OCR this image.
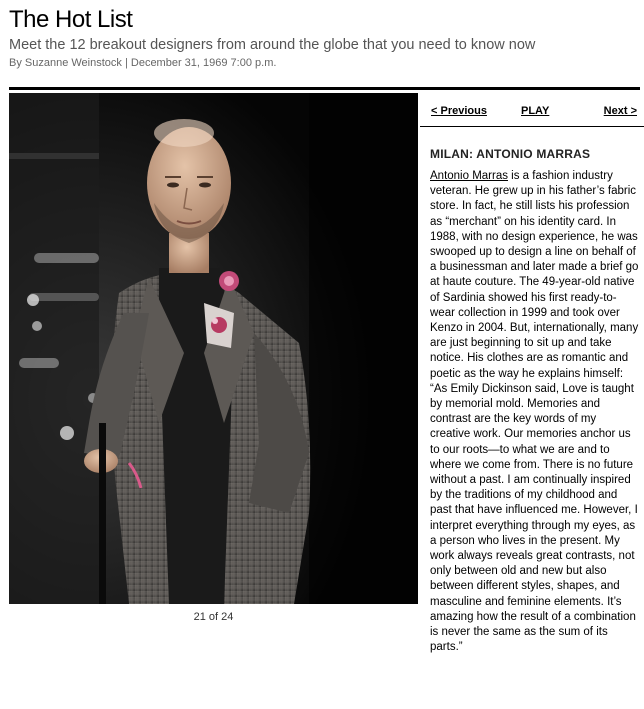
The Hot List
Meet the 12 breakout designers from around the globe that you need to know now
By Suzanne Weinstock | December 31, 1969 7:00 p.m.
21 of 24
< Previous	PLAY	Next >
MILAN: ANTONIO MARRAS
Antonio Marras is a fashion industry veteran. He grew up in his father’s fabric store. In fact, he still lists his profession as “merchant” on his identity card. In 1988, with no design experience, he was swooped up to design a line on behalf of a businessman and later made a brief go at haute couture. The 49-year-old native of Sardinia showed his first ready-to-wear collection in 1999 and took over Kenzo in 2004. But, internationally, many are just beginning to sit up and take notice. His clothes are as romantic and poetic as the way he explains himself: “As Emily Dickinson said, Love is taught by memorial mold. Memories and contrast are the key words of my creative work. Our memories anchor us to our roots—to what we are and to where we come from. There is no future without a past. I am continually inspired by the traditions of my childhood and past that have influenced me. However, I interpret everything through my eyes, as a person who lives in the present. My work always reveals great contrasts, not only between old and new but also between different styles, shapes, and masculine and feminine elements. It’s amazing how the result of a combination is never the same as the sum of its parts.”
